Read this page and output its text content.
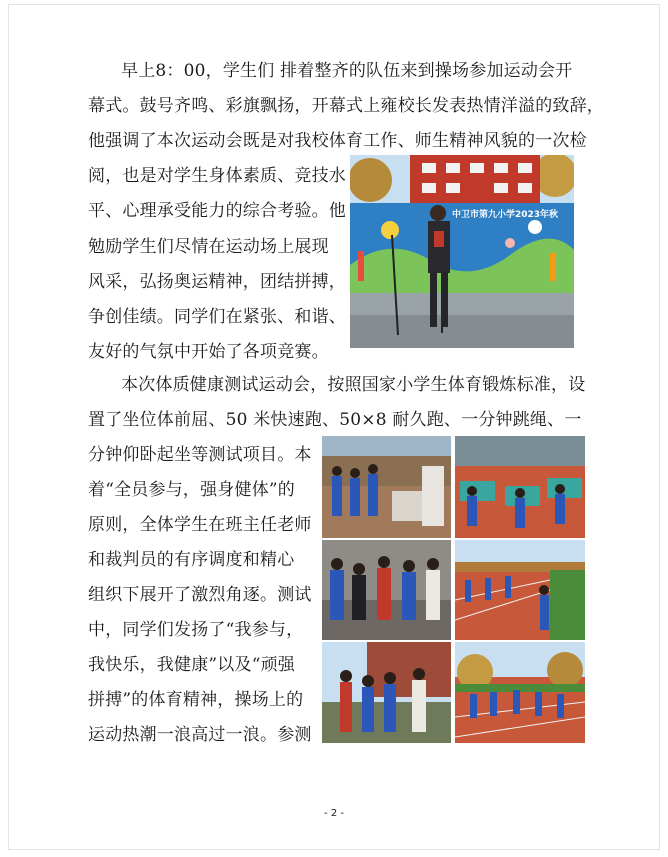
早上8：00，学生们 排着整齐的队伍来到操场参加运动会开
幕式。鼓号齐鸣、彩旗飘扬，开幕式上雍校长发表热情洋溢的致辞，
他强调了本次运动会既是对我校体育工作、师生精神风貌的一次检
阅，也是对学生身体素质、竞技水
平、心理承受能力的综合考验。他
勉励学生们尽情在运动场上展现
风采，弘扬奥运精神，团结拼搏，
争创佳绩。同学们在紧张、和谐、
友好的气氛中开始了各项竞赛。
本次体质健康测试运动会，按照国家小学生体育锻炼标准，设
置了坐位体前屈、50 米快速跑、50×8 耐久跑、一分钟跳绳、一
分钟仰卧起坐等测试项目。本
着“全员参与，强身健体”的
原则，全体学生在班主任老师
和裁判员的有序调度和精心
组织下展开了激烈角逐。测试
中，同学们发扬了“我参与，
我快乐，我健康”以及“顽强
拼搏”的体育精神，操场上的
运动热潮一浪高过一浪。参测
中卫市第九小学2023年秋
- 2 -
